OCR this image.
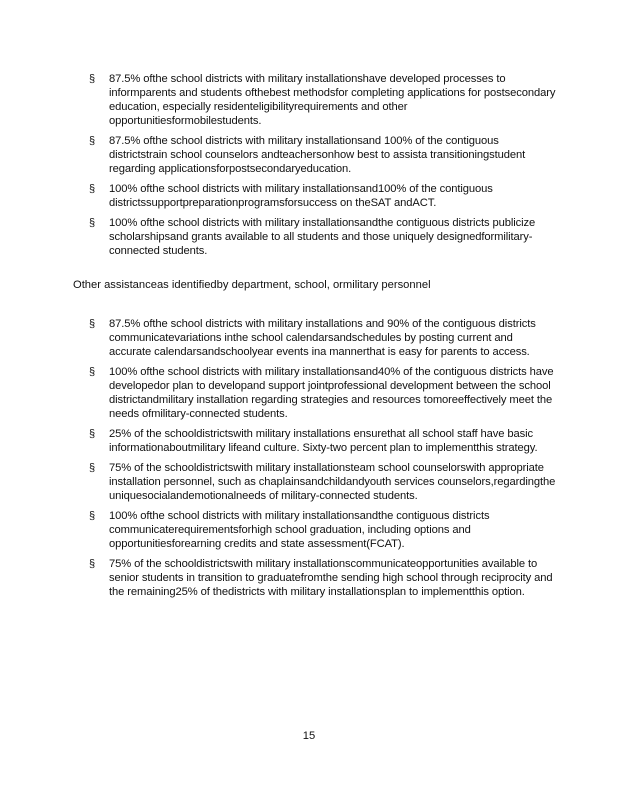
§ 87.5% ofthe school districts with military installationshave developed processes to informparents and students ofthebest methodsfor completing applications for postsecondary education, especially residenteligibilityrequirements and other opportunitiesformobilestudents.
§ 87.5% ofthe school districts with military installationsand 100% of the contiguous districtstrain school counselors andteachersonhow best to assista transitioningstudent regarding applicationsforpostsecondaryeducation.
§ 100% ofthe school districts with military installationsand100% of the contiguous districtssupportpreparationprogramsforsuccess on theSAT andACT.
§ 100% ofthe school districts with military installationsandthe contiguous districts publicize scholarshipsand grants available to all students and those uniquely designedformilitary-connected students.
Other assistanceas identifiedby department, school, ormilitary personnel
§ 87.5% ofthe school districts with military installations and 90% of the contiguous districts communicatevariations inthe school calendarsandschedules by posting current and accurate calendarsandschoolyear events ina mannerthat is easy for parents to access.
§ 100% ofthe school districts with military installationsand40% of the contiguous districts have developedor plan to developand support jointprofessional development between the school districtandmilitary installation regarding strategies and resources tomoreeffectively meet the needs ofmilitary-connected students.
§ 25% of the schooldistrictswith military installations ensurethat all school staff have basic informationaboutmilitary lifeand culture. Sixty-two percent plan to implementthis strategy.
§ 75% of the schooldistrictswith military installationsteam school counselorswith appropriate installation personnel, such as chaplainsandchildandyouth services counselors,regardingthe uniquesocialandemotionalneeds of military-connected students.
§ 100% ofthe school districts with military installationsandthe contiguous districts communicaterequirementsforhigh school graduation, including options and opportunitiesforearning credits and state assessment(FCAT).
§ 75% of the schooldistrictswith military installationscommunicateopportunities available to senior students in transition to graduatefromthe sending high school through reciprocity and the remaining25% of thedistricts with military installationsplan to implementthis option.
15
